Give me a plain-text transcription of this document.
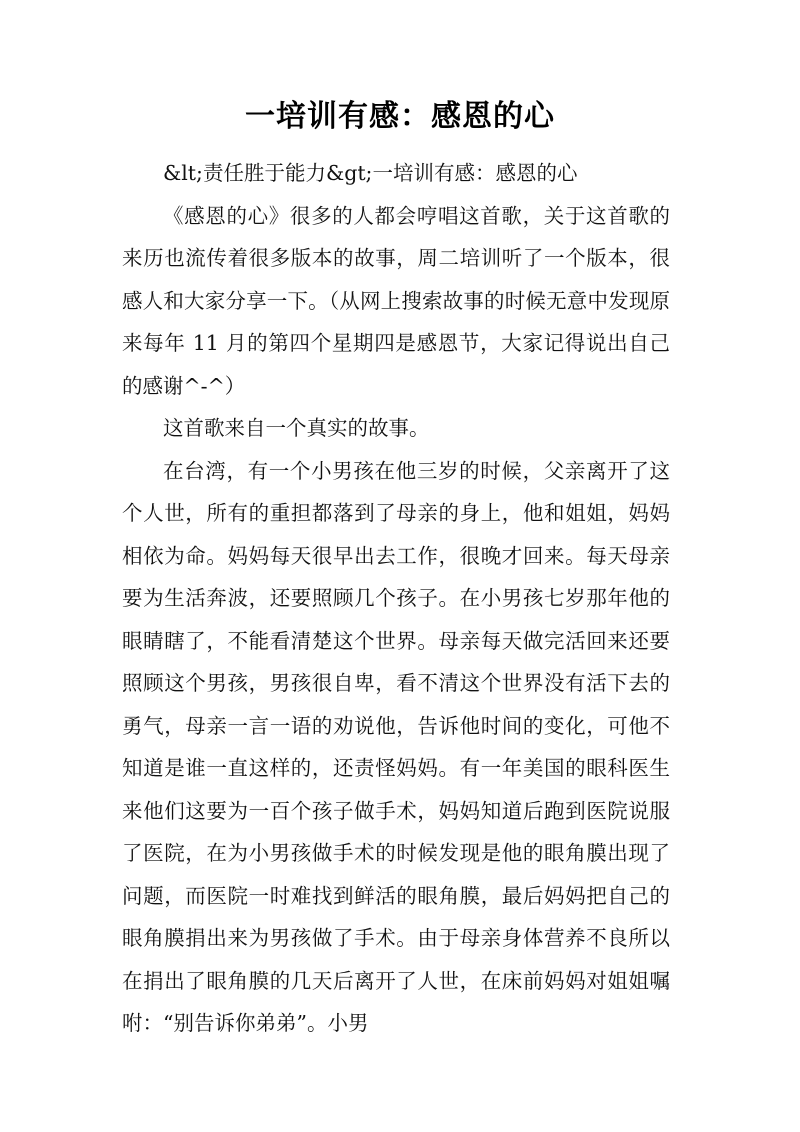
一培训有感：感恩的心

&lt;责任胜于能力&gt;一培训有感：感恩的心

《感恩的心》很多的人都会哼唱这首歌，关于这首歌的来历也流传着很多版本的故事，周二培训听了一个版本，很感人和大家分享一下。（从网上搜索故事的时候无意中发现原来每年 11 月的第四个星期四是感恩节，大家记得说出自己的感谢^-^）

这首歌来自一个真实的故事。

在台湾，有一个小男孩在他三岁的时候，父亲离开了这个人世，所有的重担都落到了母亲的身上，他和姐姐，妈妈相依为命。妈妈每天很早出去工作，很晚才回来。每天母亲要为生活奔波，还要照顾几个孩子。在小男孩七岁那年他的眼睛瞎了，不能看清楚这个世界。母亲每天做完活回来还要照顾这个男孩，男孩很自卑，看不清这个世界没有活下去的勇气，母亲一言一语的劝说他，告诉他时间的变化，可他不知道是谁一直这样的，还责怪妈妈。有一年美国的眼科医生来他们这要为一百个孩子做手术，妈妈知道后跑到医院说服了医院，在为小男孩做手术的时候发现是他的眼角膜出现了问题，而医院一时难找到鲜活的眼角膜，最后妈妈把自己的眼角膜捐出来为男孩做了手术。由于母亲身体营养不良所以在捐出了眼角膜的几天后离开了人世，在床前妈妈对姐姐嘱咐：“别告诉你弟弟”。小男
